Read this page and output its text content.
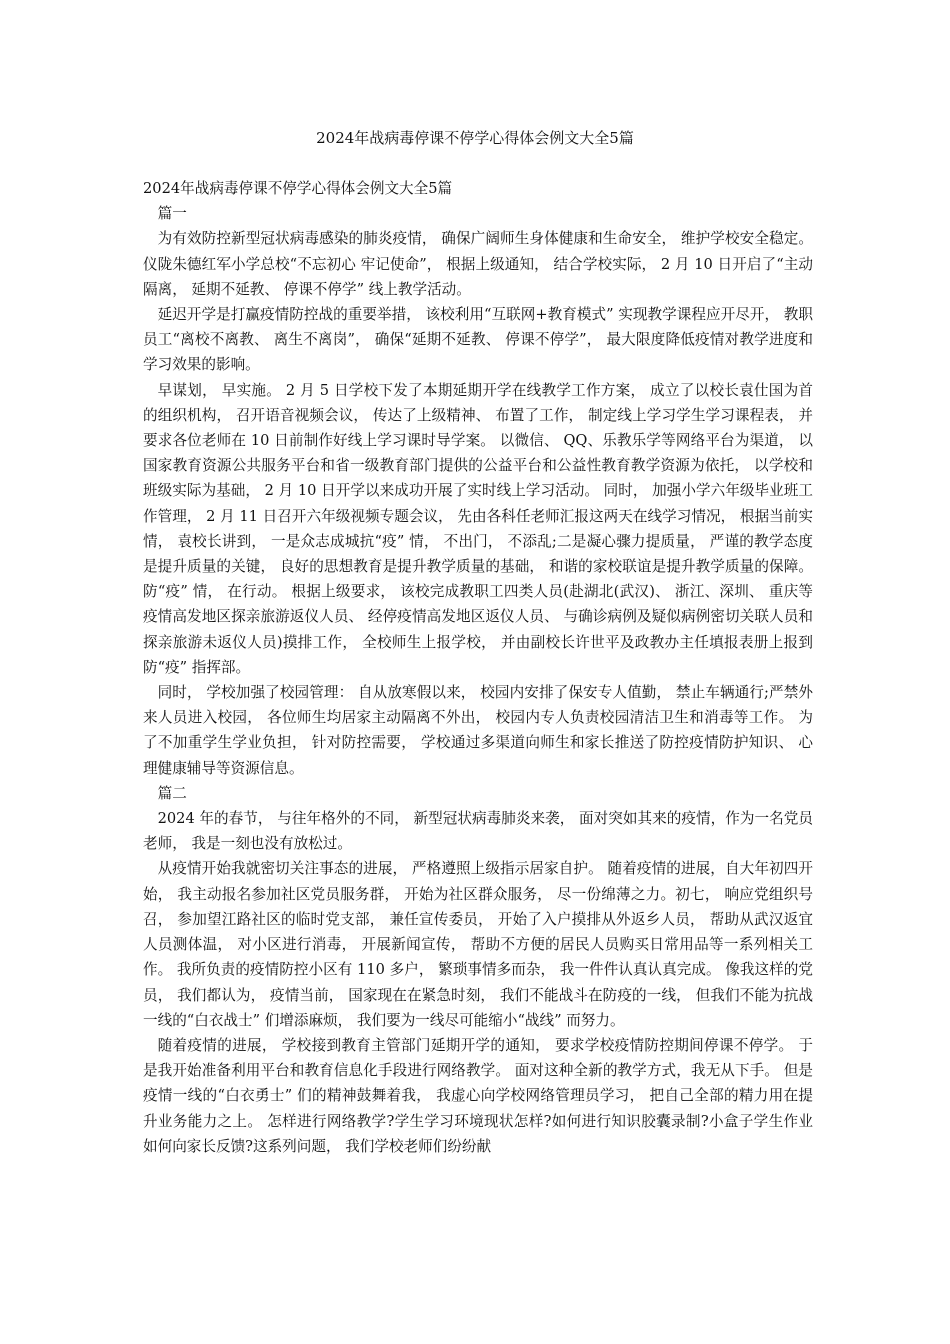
2024年战病毒停课不停学心得体会例文大全5篇

2024年战病毒停课不停学心得体会例文大全5篇

篇一

为有效防控新型冠状病毒感染的肺炎疫情， 确保广阔师生身体健康和生命安全， 维护学校安全稳定。 仪陇朱德红军小学总校“不忘初心 牢记使命”， 根据上级通知， 结合学校实际， 2 月 10 日开启了“主动隔离， 延期不延教、 停课不停学” 线上教学活动。

延迟开学是打赢疫情防控战的重要举措， 该校利用“互联网+教育模式” 实现教学课程应开尽开， 教职员工“离校不离教、 离生不离岗”， 确保“延期不延教、 停课不停学”， 最大限度降低疫情对教学进度和学习效果的影响。

早谋划， 早实施。 2 月 5 日学校下发了本期延期开学在线教学工作方案， 成立了以校长袁仕国为首的组织机构， 召开语音视频会议， 传达了上级精神、 布置了工作， 制定线上学习学生学习课程表， 并要求各位老师在 10 日前制作好线上学习课时导学案。 以微信、 QQ、乐教乐学等网络平台为渠道， 以国家教育资源公共服务平台和省一级教育部门提供的公益平台和公益性教育教学资源为依托， 以学校和班级实际为基础， 2 月 10 日开学以来成功开展了实时线上学习活动。 同时， 加强小学六年级毕业班工作管理， 2 月 11 日召开六年级视频专题会议， 先由各科任老师汇报这两天在线学习情况， 根据当前实情， 袁校长讲到， 一是众志成城抗“疫” 情， 不出门， 不添乱;二是凝心骤力提质量， 严谨的教学态度是提升质量的关键， 良好的思想教育是提升教学质量的基础， 和谐的家校联谊是提升教学质量的保障。防“疫” 情， 在行动。 根据上级要求， 该校完成教职工四类人员(赴湖北(武汉)、 浙江、深圳、 重庆等疫情高发地区探亲旅游返仪人员、 经停疫情高发地区返仪人员、 与确诊病例及疑似病例密切关联人员和探亲旅游未返仪人员)摸排工作， 全校师生上报学校， 并由副校长许世平及政教办主任填报表册上报到防“疫” 指挥部。

同时， 学校加强了校园管理： 自从放寒假以来， 校园内安排了保安专人值勤， 禁止车辆通行;严禁外来人员进入校园， 各位师生均居家主动隔离不外出， 校园内专人负责校园清洁卫生和消毒等工作。 为了不加重学生学业负担， 针对防控需要， 学校通过多渠道向师生和家长推送了防控疫情防护知识、 心理健康辅导等资源信息。

篇二

2024 年的春节， 与往年格外的不同， 新型冠状病毒肺炎来袭， 面对突如其来的疫情，作为一名党员老师， 我是一刻也没有放松过。

从疫情开始我就密切关注事态的进展， 严格遵照上级指示居家自护。 随着疫情的进展，自大年初四开始， 我主动报名参加社区党员服务群， 开始为社区群众服务， 尽一份绵薄之力。初七， 响应党组织号召， 参加望江路社区的临时党支部， 兼任宣传委员， 开始了入户摸排从外返乡人员， 帮助从武汉返宜人员测体温， 对小区进行消毒， 开展新闻宣传， 帮助不方便的居民人员购买日常用品等一系列相关工作。 我所负责的疫情防控小区有 110 多户， 繁琐事情多而杂， 我一件件认真认真完成。 像我这样的党员， 我们都认为， 疫情当前， 国家现在在紧急时刻， 我们不能战斗在防疫的一线， 但我们不能为抗战一线的“白衣战士” 们增添麻烦， 我们要为一线尽可能缩小“战线” 而努力。

随着疫情的进展， 学校接到教育主管部门延期开学的通知， 要求学校疫情防控期间停课不停学。 于是我开始准备利用平台和教育信息化手段进行网络教学。 面对这种全新的教学方式，我无从下手。 但是疫情一线的“白衣勇士” 们的精神鼓舞着我， 我虚心向学校网络管理员学习， 把自己全部的精力用在提升业务能力之上。 怎样进行网络教学?学生学习环境现状怎样?如何进行知识胶囊录制?小盒子学生作业如何向家长反馈?这系列问题， 我们学校老师们纷纷献
